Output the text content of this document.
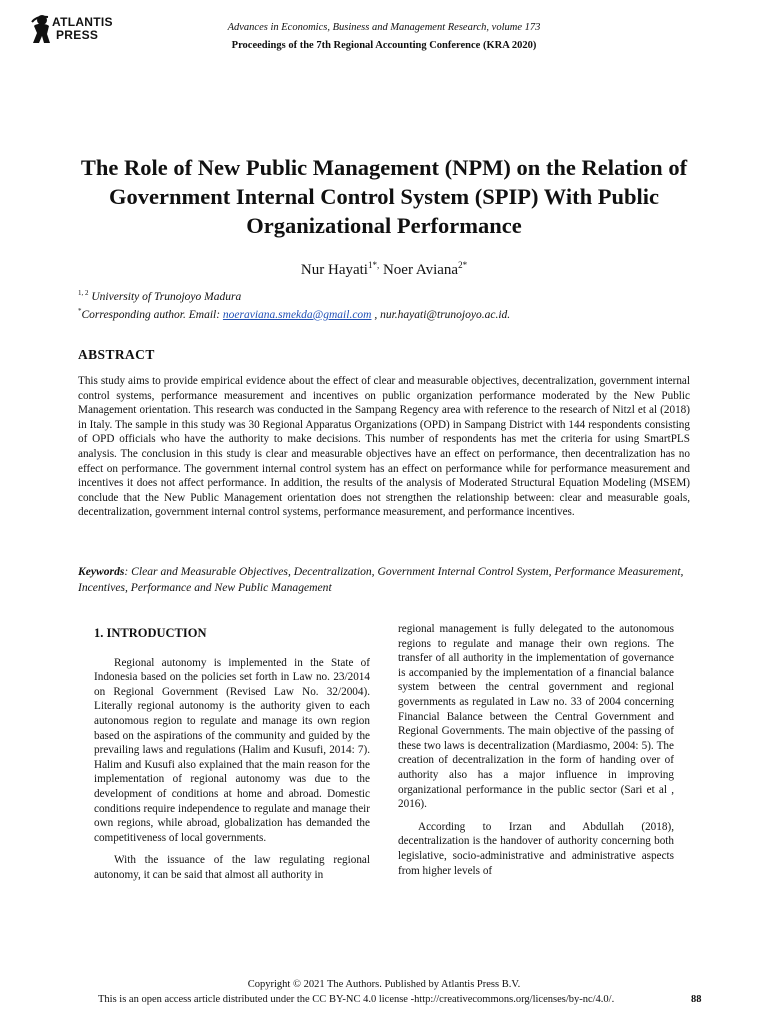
ATLANTIS
PRESS
Advances in Economics, Business and Management Research, volume 173
Proceedings of the 7th Regional Accounting Conference (KRA 2020)
The Role of New Public Management (NPM) on the Relation of Government Internal Control System (SPIP) With Public Organizational Performance
Nur Hayati$^{1*,}$ Noer Aviana$^{2*}$
$^{1, 2}$ University of Trunojoyo Madura
*Corresponding author. Email: noeraviana.smekda@gmail.com , nur.hayati@trunojoyo.ac.id.
ABSTRACT
This study aims to provide empirical evidence about the effect of clear and measurable objectives, decentralization, government internal control systems, performance measurement and incentives on public organization performance moderated by the New Public Management orientation. This research was conducted in the Sampang Regency area with reference to the research of Nitzl et al (2018) in Italy. The sample in this study was 30 Regional Apparatus Organizations (OPD) in Sampang District with 144 respondents consisting of OPD officials who have the authority to make decisions. This number of respondents has met the criteria for using SmartPLS analysis. The conclusion in this study is clear and measurable objectives have an effect on performance, then decentralization has no effect on performance. The government internal control system has an effect on performance while for performance measurement and incentives it does not affect performance. In addition, the results of the analysis of Moderated Structural Equation Modeling (MSEM) conclude that the New Public Management orientation does not strengthen the relationship between: clear and measurable goals, decentralization, government internal control systems, performance measurement, and performance incentives.
Keywords: Clear and Measurable Objectives, Decentralization, Government Internal Control System, Performance Measurement, Incentives, Performance and New Public Management
1. INTRODUCTION

Regional autonomy is implemented in the State of Indonesia based on the policies set forth in Law no. 23/2014 on Regional Government (Revised Law No. 32/2004). Literally regional autonomy is the authority given to each autonomous region to regulate and manage its own region based on the aspirations of the community and guided by the prevailing laws and regulations (Halim and Kusufi, 2014: 7). Halim and Kusufi also explained that the main reason for the implementation of regional autonomy was due to the development of conditions at home and abroad. Domestic conditions require independence to regulate and manage their own regions, while abroad, globalization has demanded the competitiveness of local governments.

With the issuance of the law regulating regional autonomy, it can be said that almost all authority in

regional management is fully delegated to the autonomous regions to regulate and manage their own regions. The transfer of all authority in the implementation of governance is accompanied by the implementation of a financial balance system between the central government and regional governments as regulated in Law no. 33 of 2004 concerning Financial Balance between the Central Government and Regional Governments. The main objective of the passing of these two laws is decentralization (Mardiasmo, 2004: 5). The creation of decentralization in the form of handing over of authority also has a major influence in improving organizational performance in the public sector (Sari et al , 2016).

According to Irzan and Abdullah (2018), decentralization is the handover of authority concerning both legislative, socio-administrative and administrative aspects from higher levels of

Copyright © 2021 The Authors. Published by Atlantis Press B.V.
This is an open access article distributed under the CC BY-NC 4.0 license -http://creativecommons.org/licenses/by-nc/4.0/.	88
